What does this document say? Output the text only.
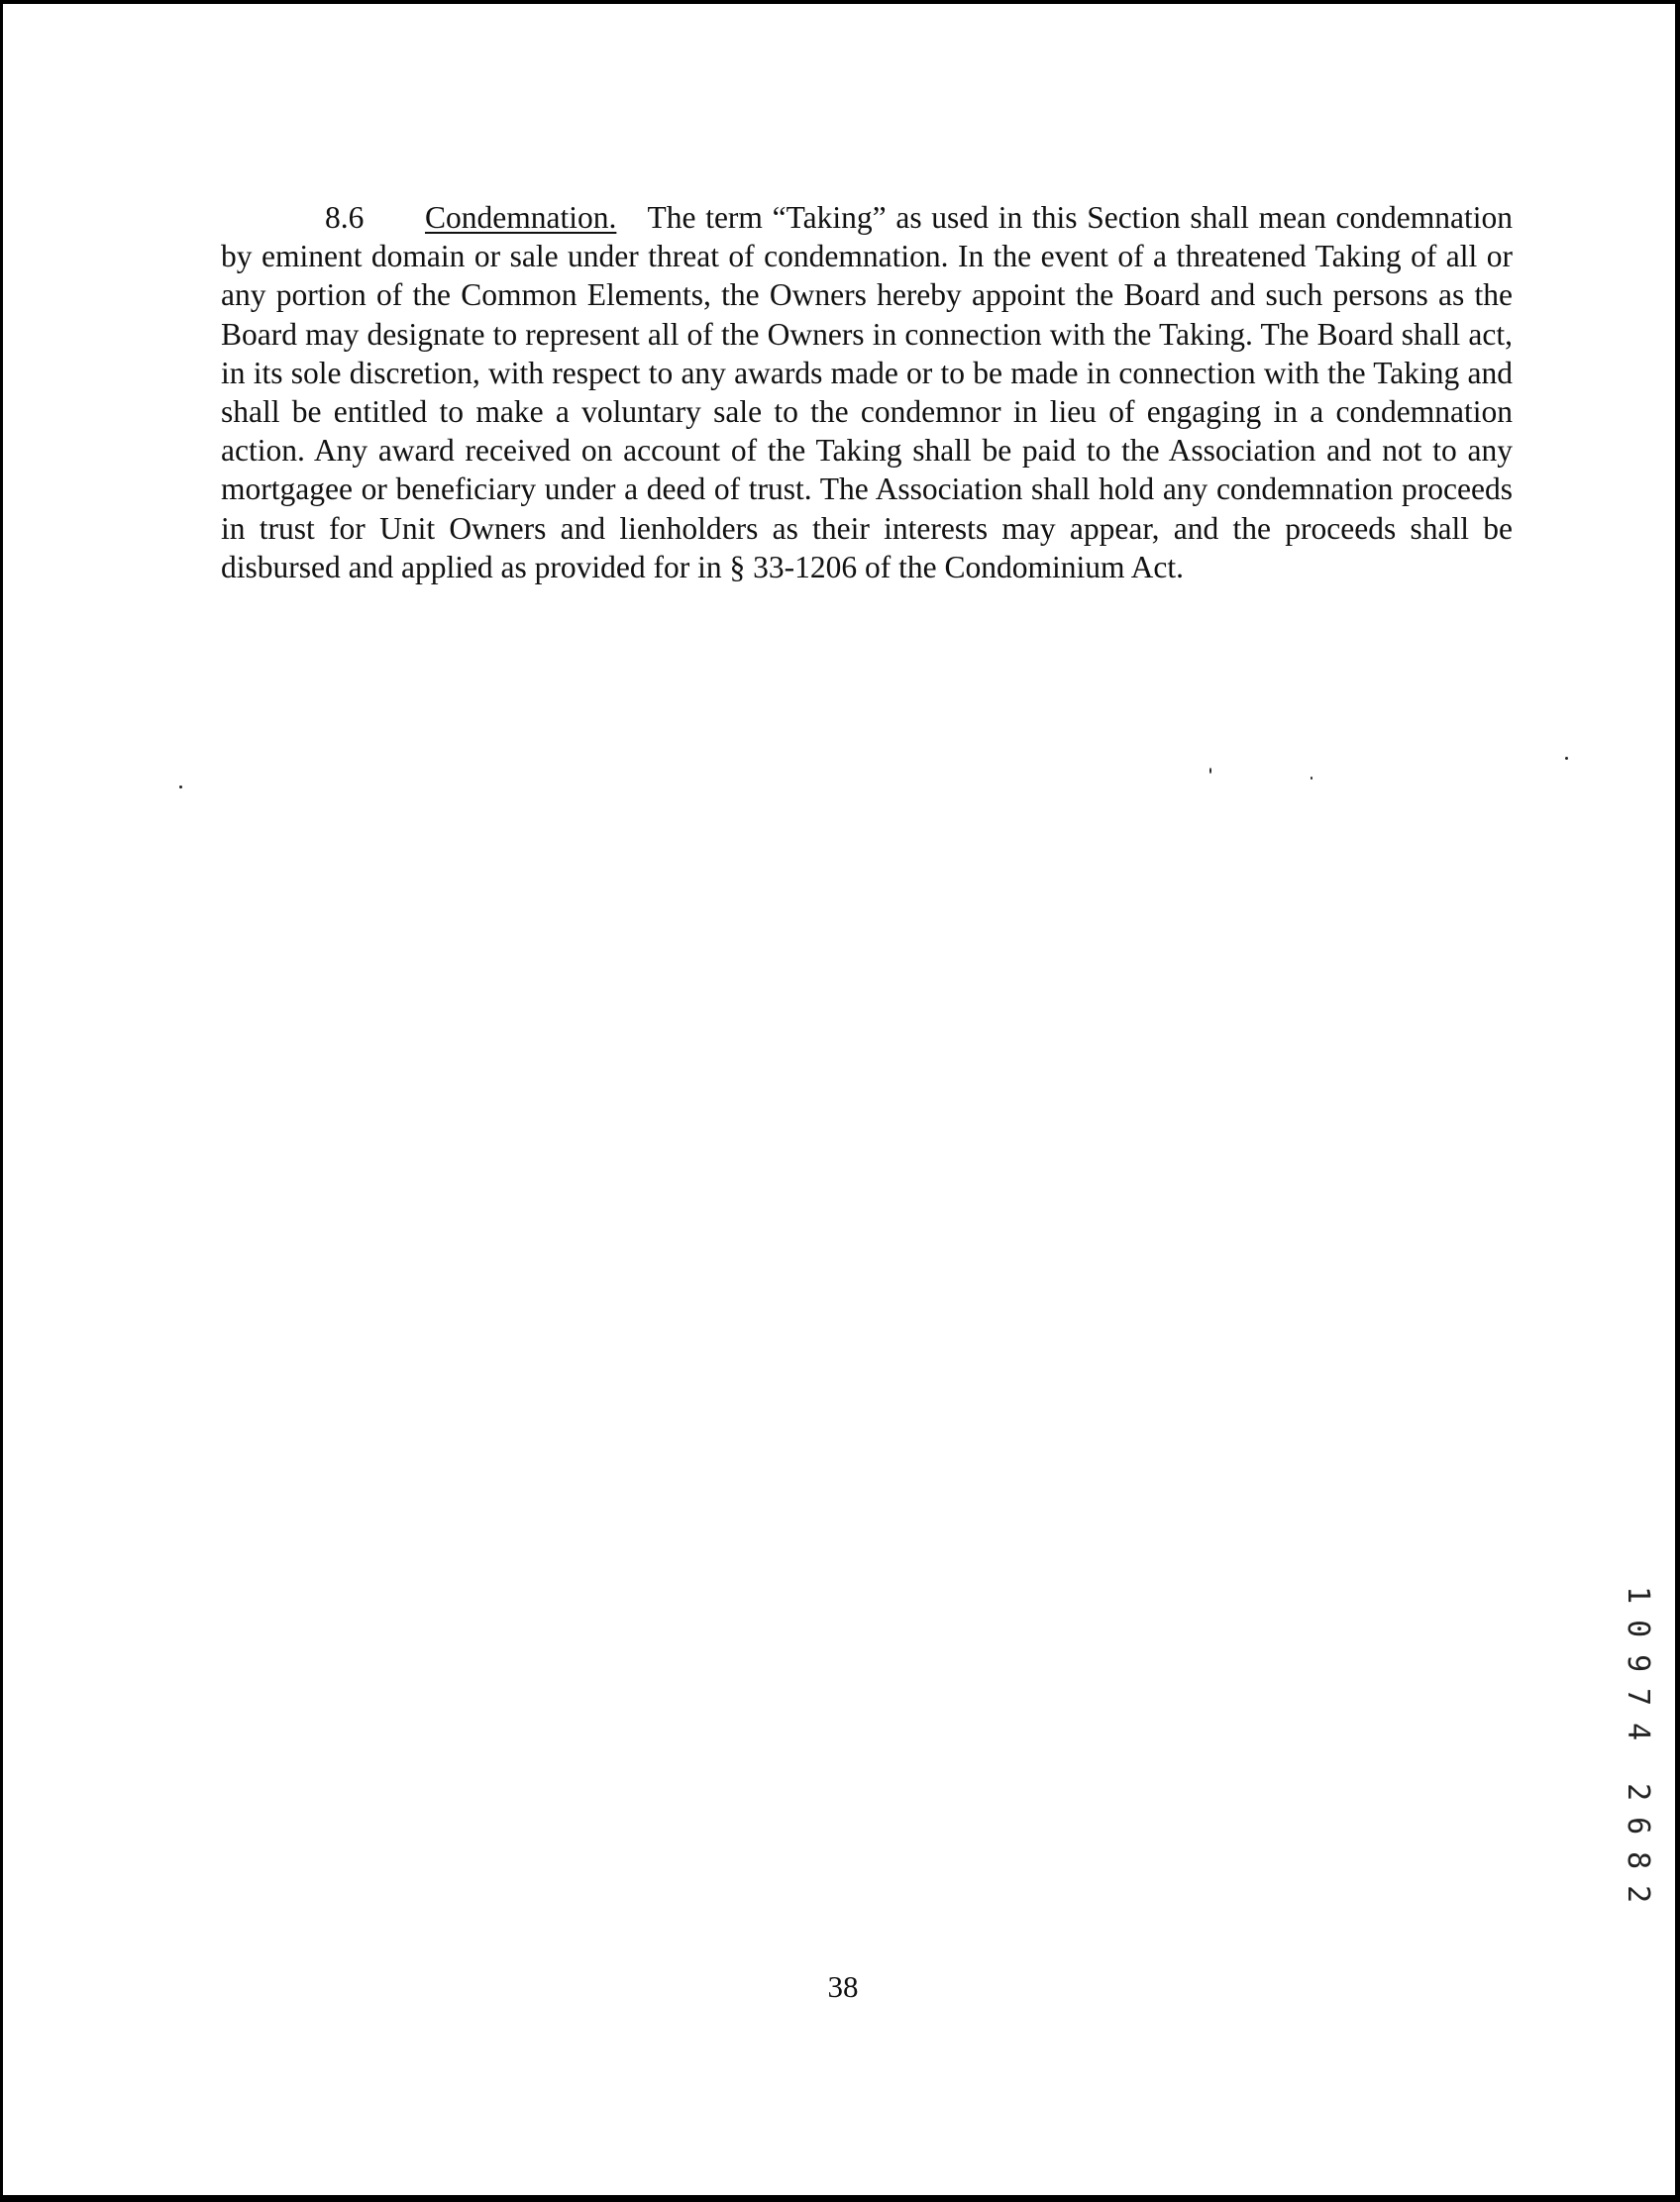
8.6 Condemnation. The term “Taking” as used in this Section shall mean condemnation by eminent domain or sale under threat of condemnation. In the event of a threatened Taking of all or any portion of the Common Elements, the Owners hereby appoint the Board and such persons as the Board may designate to represent all of the Owners in connection with the Taking. The Board shall act, in its sole discretion, with respect to any awards made or to be made in connection with the Taking and shall be entitled to make a voluntary sale to the condemnor in lieu of engaging in a condemnation action. Any award received on account of the Taking shall be paid to the Association and not to any mortgagee or beneficiary under a deed of trust. The Association shall hold any condemnation proceeds in trust for Unit Owners and lienholders as their interests may appear, and the proceeds shall be disbursed and applied as provided for in § 33-1206 of the Condominium Act.
38
1
0
9
7
4
2
6
8
2
